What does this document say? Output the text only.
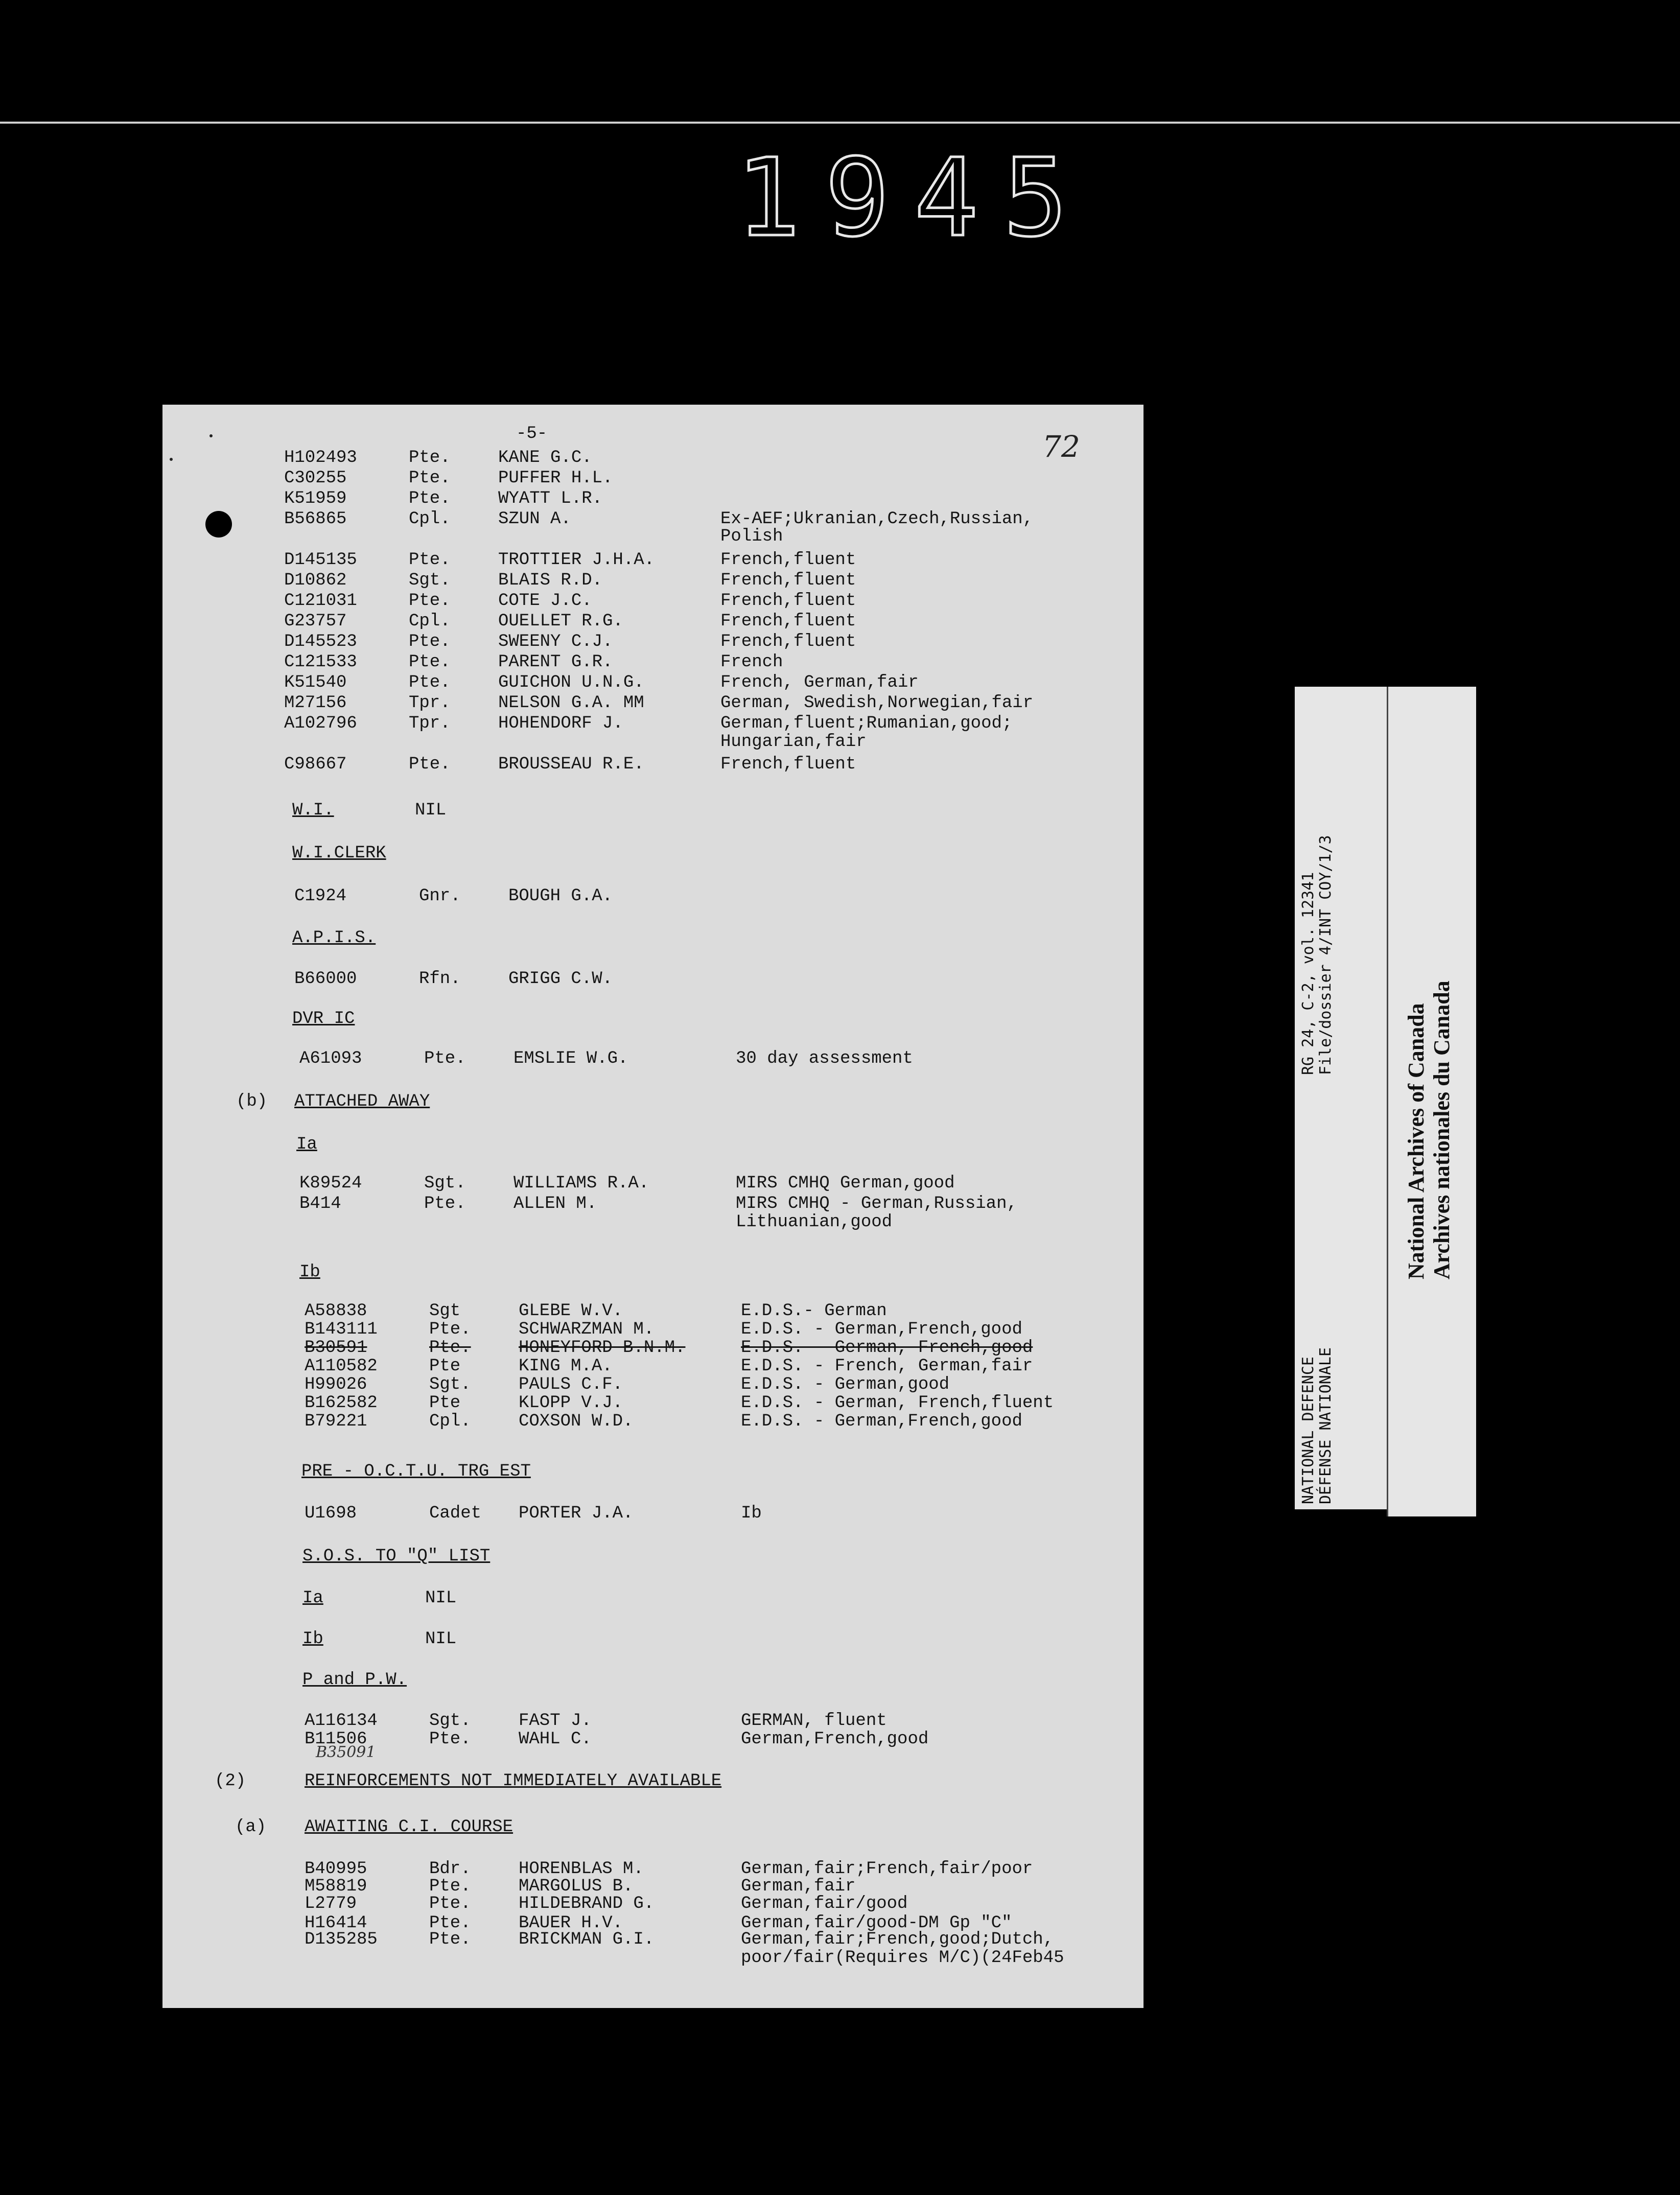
1945
-5-	72
H102493	Pte.	KANE G.C.
C30255	Pte.	PUFFER H.L.
K51959	Pte.	WYATT L.R.
B56865	Cpl.	SZUN A.	Ex-AEF;Ukranian,Czech,Russian,
Polish
D145135	Pte.	TROTTIER J.H.A.	French,fluent
D10862	Sgt.	BLAIS R.D.	French,fluent
C121031	Pte.	COTE J.C.	French,fluent
G23757	Cpl.	OUELLET R.G.	French,fluent
D145523	Pte.	SWEENY C.J.	French,fluent
C121533	Pte.	PARENT G.R.	French
K51540	Pte.	GUICHON U.N.G.	French, German,fair
M27156	Tpr.	NELSON G.A. MM	German, Swedish,Norwegian,fair
A102796	Tpr.	HOHENDORF J.	German,fluent;Rumanian,good;
Hungarian,fair
C98667	Pte.	BROUSSEAU R.E.	French,fluent
W.I.	NIL
W.I.CLERK
C1924	Gnr.	BOUGH G.A.
A.P.I.S.
B66000	Rfn.	GRIGG C.W.
DVR IC
A61093	Pte.	EMSLIE W.G.	30 day assessment
(b) ATTACHED AWAY
Ia
K89524	Sgt.	WILLIAMS R.A.	MIRS CMHQ German,good
B414	Pte.	ALLEN M.	MIRS CMHQ - German,Russian,
Lithuanian,good
Ib
A58838	Sgt	GLEBE W.V.	E.D.S.- German
B143111	Pte.	SCHWARZMAN M.	E.D.S. - German,French,good
B30591	Pte.	HONEYFORD B.N.M.	E.D.S. - German, French,good
A110582	Pte	KING M.A.	E.D.S. - French, German,fair
H99026	Sgt.	PAULS C.F.	E.D.S. - German,good
B162582	Pte	KLOPP V.J.	E.D.S. - German, French,fluent
B79221	Cpl.	COXSON W.D.	E.D.S. - German,French,good
PRE - O.C.T.U. TRG EST
U1698	Cadet PORTER J.A.	Ib
S.O.S. TO "Q" LIST
Ia	NIL
Ib	NIL
P and P.W.
A116134	Sgt.	FAST J.	GERMAN, fluent
B11506	Pte.	WAHL C.	German,French,good
B35091
(2)	REINFORCEMENTS NOT IMMEDIATELY AVAILABLE
(a) AWAITING C.I. COURSE
B40995	Bdr.	HORENBLAS M.	German,fair;French,fair/poor
M58819	Pte.	MARGOLUS B.	German,fair
L2779	Pte.	HILDEBRAND G.	German,fair/good
H16414	Pte.	BAUER H.V.	German,fair/good-DM Gp "C"
D135285	Pte.	BRICKMAN G.I.	German,fair;French,good;Dutch,
poor/fair(Requires M/C)(24Feb45
RG 24, C-2, vol. 12341 File/dossier 4/INT COY/1/3
NATIONAL DEFENCE DÉFENSE NATIONALE
National Archives of Canada Archives nationales du Canada
